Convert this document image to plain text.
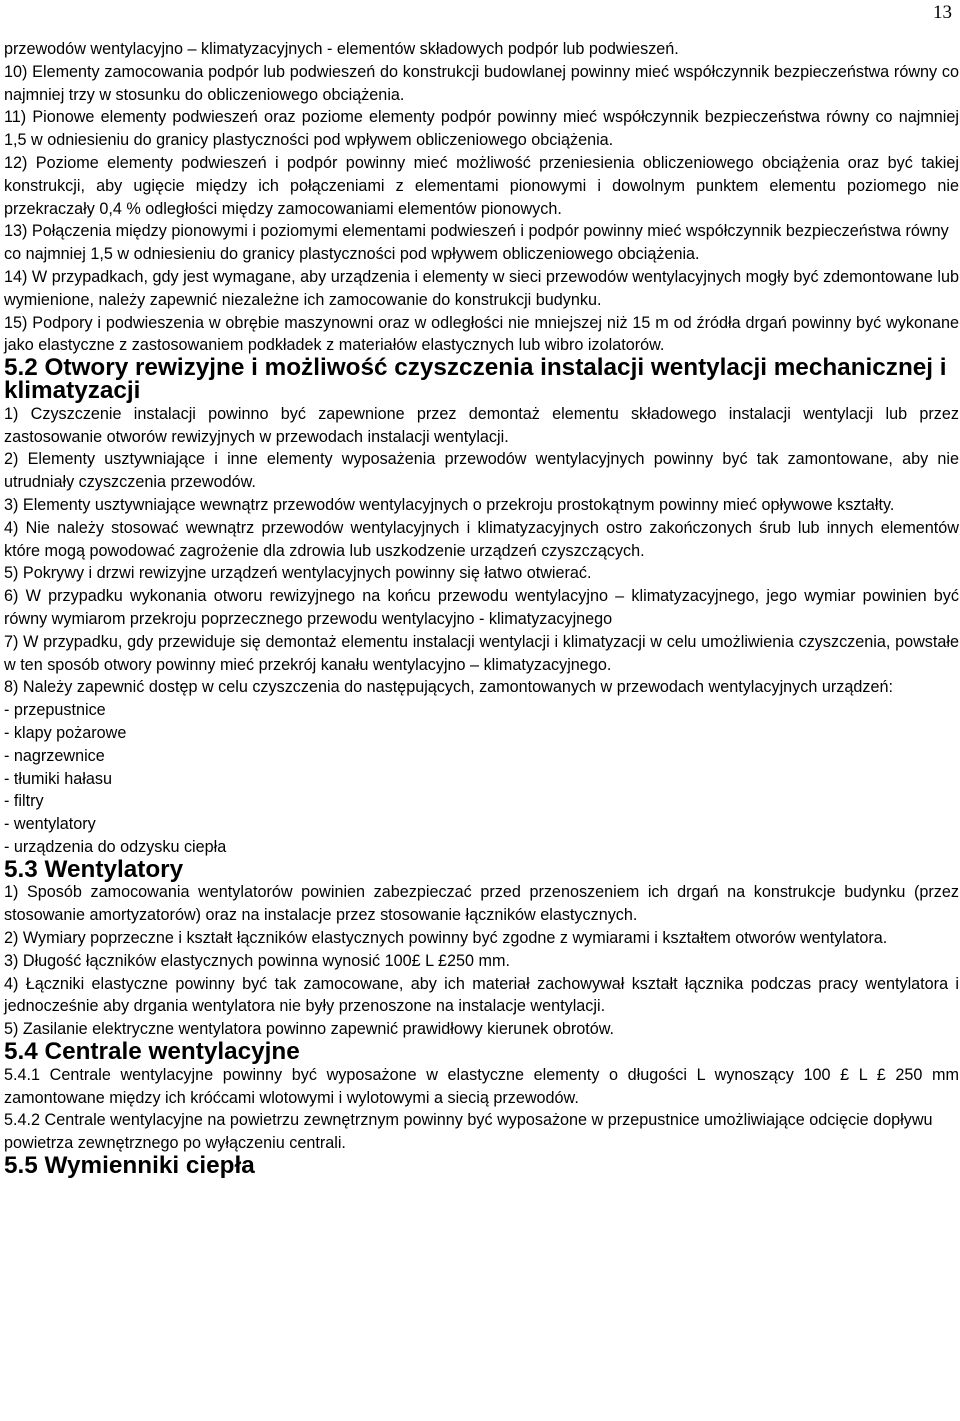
13

przewodów wentylacyjno – klimatyzacyjnych - elementów składowych podpór lub podwieszeń.

10) Elementy zamocowania podpór lub podwieszeń do konstrukcji budowlanej powinny mieć współczynnik bezpieczeństwa równy co najmniej trzy w stosunku do obliczeniowego obciążenia.

11) Pionowe elementy podwieszeń oraz poziome elementy podpór powinny mieć współczynnik bezpieczeństwa równy co najmniej 1,5 w odniesieniu do granicy plastyczności pod wpływem obliczeniowego obciążenia.

12) Poziome elementy podwieszeń i podpór powinny mieć możliwość przeniesienia obliczeniowego obciążenia oraz być takiej konstrukcji, aby ugięcie między ich połączeniami z elementami pionowymi i dowolnym punktem elementu poziomego nie przekraczały 0,4 % odległości między zamocowaniami elementów pionowych.

13) Połączenia między pionowymi i poziomymi elementami podwieszeń i podpór powinny mieć współczynnik bezpieczeństwa równy co najmniej 1,5 w odniesieniu do granicy plastyczności pod wpływem obliczeniowego obciążenia.

14) W przypadkach, gdy jest wymagane, aby urządzenia i elementy w sieci przewodów wentylacyjnych mogły być zdemontowane lub wymienione, należy zapewnić niezależne ich zamocowanie do konstrukcji budynku.

15) Podpory i podwieszenia w obrębie maszynowni oraz w odległości nie mniejszej niż 15 m od źródła drgań powinny być wykonane jako elastyczne z zastosowaniem podkładek z materiałów elastycznych lub wibro izolatorów.

5.2 Otwory rewizyjne i możliwość czyszczenia instalacji wentylacji mechanicznej i klimatyzacji

1) Czyszczenie instalacji powinno być zapewnione przez demontaż elementu składowego instalacji wentylacji lub przez zastosowanie otworów rewizyjnych w przewodach instalacji wentylacji.

2) Elementy usztywniające i inne elementy wyposażenia przewodów wentylacyjnych powinny być tak zamontowane, aby nie utrudniały czyszczenia przewodów.

3) Elementy usztywniające wewnątrz przewodów wentylacyjnych o przekroju prostokątnym powinny mieć opływowe kształty.

4) Nie należy stosować wewnątrz przewodów wentylacyjnych i klimatyzacyjnych ostro zakończonych śrub lub innych elementów które mogą powodować zagrożenie dla zdrowia lub uszkodzenie urządzeń czyszczących.

5) Pokrywy i drzwi rewizyjne urządzeń wentylacyjnych powinny się łatwo otwierać.

6) W przypadku wykonania otworu rewizyjnego na końcu przewodu wentylacyjno – klimatyzacyjnego, jego wymiar powinien być równy wymiarom przekroju poprzecznego przewodu wentylacyjno - klimatyzacyjnego

7) W przypadku, gdy przewiduje się demontaż elementu instalacji wentylacji i klimatyzacji w celu umożliwienia czyszczenia, powstałe w ten sposób otwory powinny mieć przekrój kanału wentylacyjno – klimatyzacyjnego.

8) Należy zapewnić dostęp w celu czyszczenia do następujących, zamontowanych w przewodach wentylacyjnych urządzeń:

- przepustnice
- klapy pożarowe
- nagrzewnice
- tłumiki hałasu
- filtry
- wentylatory
- urządzenia do odzysku ciepła
5.3 Wentylatory

1) Sposób zamocowania wentylatorów powinien zabezpieczać przed przenoszeniem ich drgań na konstrukcje budynku (przez stosowanie amortyzatorów) oraz na instalacje przez stosowanie łączników elastycznych.

2) Wymiary poprzeczne i kształt łączników elastycznych powinny być zgodne z wymiarami i kształtem otworów wentylatora.

3) Długość łączników elastycznych powinna wynosić 100£ L £250 mm.

4) Łączniki elastyczne powinny być tak zamocowane, aby ich materiał zachowywał kształt łącznika podczas pracy wentylatora i jednocześnie aby drgania wentylatora nie były przenoszone na instalacje wentylacji.

5) Zasilanie elektryczne wentylatora powinno zapewnić prawidłowy kierunek obrotów.

5.4 Centrale wentylacyjne

5.4.1 Centrale wentylacyjne powinny być wyposażone w elastyczne elementy o długości L wynoszący 100 £ L £ 250 mm zamontowane między ich króćcami wlotowymi i wylotowymi a siecią przewodów.

5.4.2 Centrale wentylacyjne na powietrzu zewnętrznym powinny być wyposażone w przepustnice umożliwiające odcięcie dopływu powietrza zewnętrznego po wyłączeniu centrali.

5.5 Wymienniki ciepła
